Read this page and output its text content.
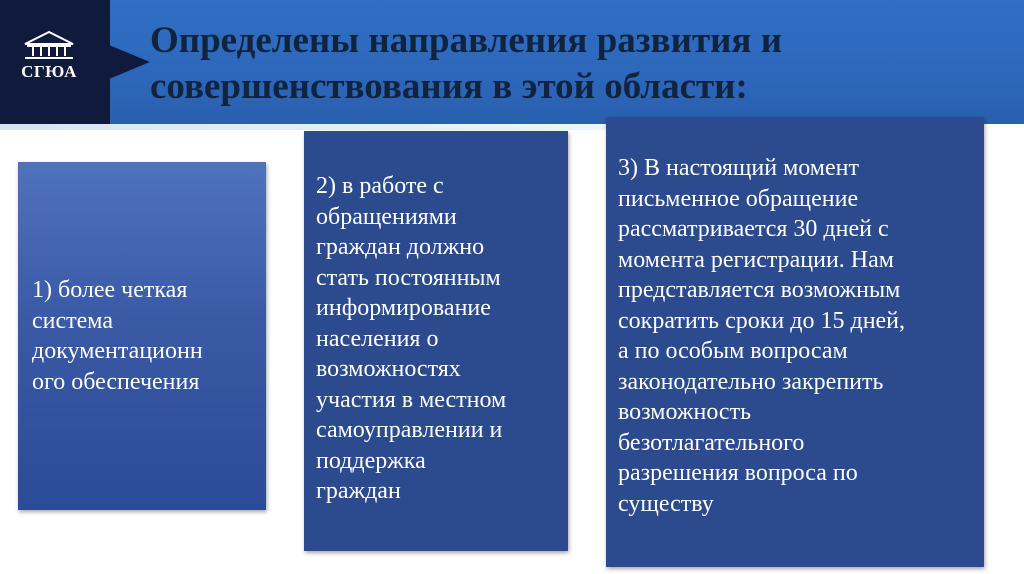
СГЮА
Определены направления развития и совершенствования в этой области:

1) более четкая
система
документационн
ого обеспечения

2) в работе с
обращениями
граждан должно
стать постоянным
информирование
населения о
возможностях
участия в местном
самоуправлении и
поддержка
граждан

3) В настоящий момент
письменное обращение
рассматривается 30 дней с
момента регистрации. Нам
представляется возможным
сократить сроки до 15 дней,
а по особым вопросам
законодательно закрепить
возможность
безотлагательного
разрешения вопроса по
существу
